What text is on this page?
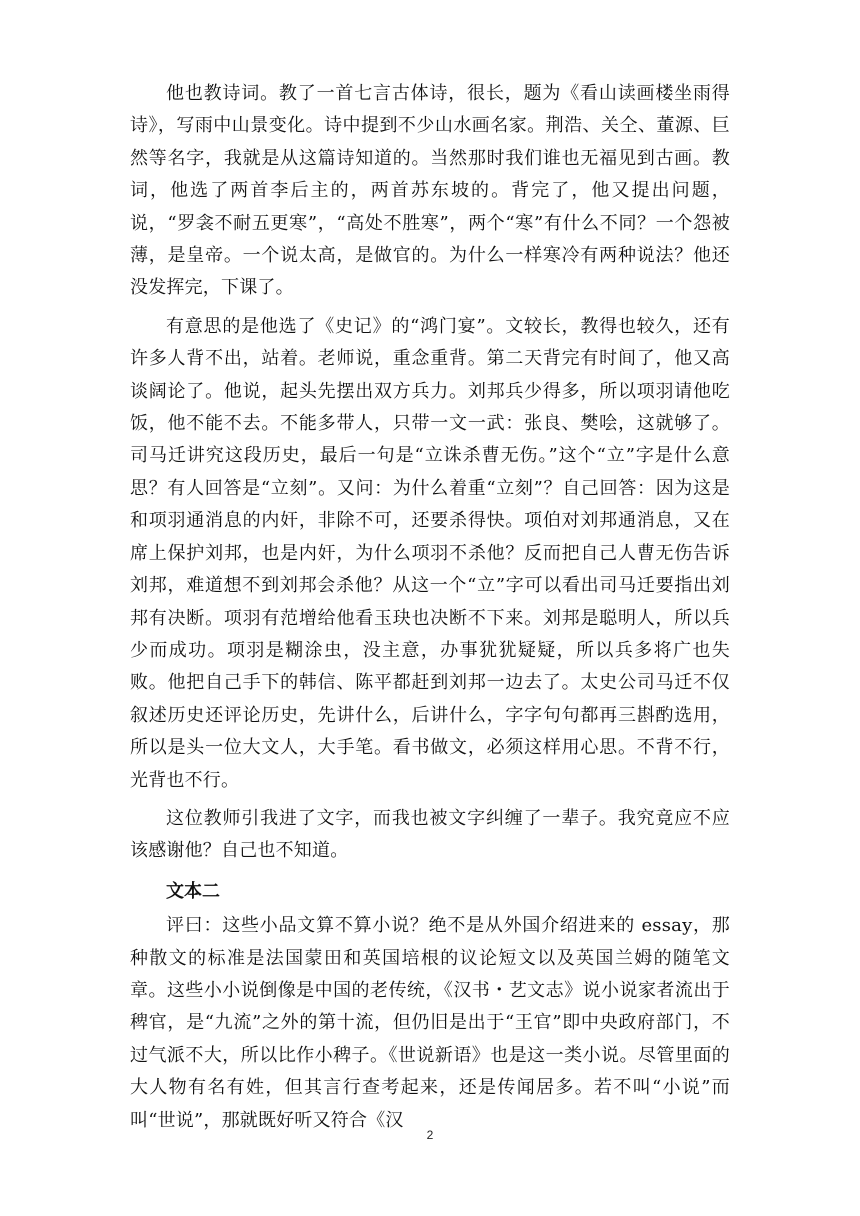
他也教诗词。教了一首七言古体诗，很长，题为《看山读画楼坐雨得诗》，写雨中山景变化。诗中提到不少山水画名家。荆浩、关仝、董源、巨然等名字，我就是从这篇诗知道的。当然那时我们谁也无福见到古画。教词，他选了两首李后主的，两首苏东坡的。背完了，他又提出问题，说，“罗衾不耐五更寒”，“高处不胜寒”，两个“寒”有什么不同？一个怨被薄，是皇帝。一个说太高，是做官的。为什么一样寒冷有两种说法？他还没发挥完，下课了。

有意思的是他选了《史记》的“鸿门宴”。文较长，教得也较久，还有许多人背不出，站着。老师说，重念重背。第二天背完有时间了，他又高谈阔论了。他说，起头先摆出双方兵力。刘邦兵少得多，所以项羽请他吃饭，他不能不去。不能多带人，只带一文一武：张良、樊哙，这就够了。司马迁讲究这段历史，最后一句是“立诛杀曹无伤。”这个“立”字是什么意思？有人回答是“立刻”。又问：为什么着重“立刻”？自己回答：因为这是和项羽通消息的内奸，非除不可，还要杀得快。项伯对刘邦通消息，又在席上保护刘邦，也是内奸，为什么项羽不杀他？反而把自己人曹无伤告诉刘邦，难道想不到刘邦会杀他？从这一个“立”字可以看出司马迁要指出刘邦有决断。项羽有范增给他看玉玦也决断不下来。刘邦是聪明人，所以兵少而成功。项羽是糊涂虫，没主意，办事犹犹疑疑，所以兵多将广也失败。他把自己手下的韩信、陈平都赶到刘邦一边去了。太史公司马迁不仅叙述历史还评论历史，先讲什么，后讲什么，字字句句都再三斟酌选用，所以是头一位大文人，大手笔。看书做文，必须这样用心思。不背不行，光背也不行。

这位教师引我进了文字，而我也被文字纠缠了一辈子。我究竟应不应该感谢他？自己也不知道。

文本二

评曰：这些小品文算不算小说？绝不是从外国介绍进来的 essay，那种散文的标准是法国蒙田和英国培根的议论短文以及英国兰姆的随笔文章。这些小小说倒像是中国的老传统，《汉书・艺文志》说小说家者流出于稗官，是“九流”之外的第十流，但仍旧是出于“王官”即中央政府部门，不过气派不大，所以比作小稗子。《世说新语》也是这一类小说。尽管里面的大人物有名有姓，但其言行查考起来，还是传闻居多。若不叫“小说”而叫“世说”，那就既好听又符合《汉

2
